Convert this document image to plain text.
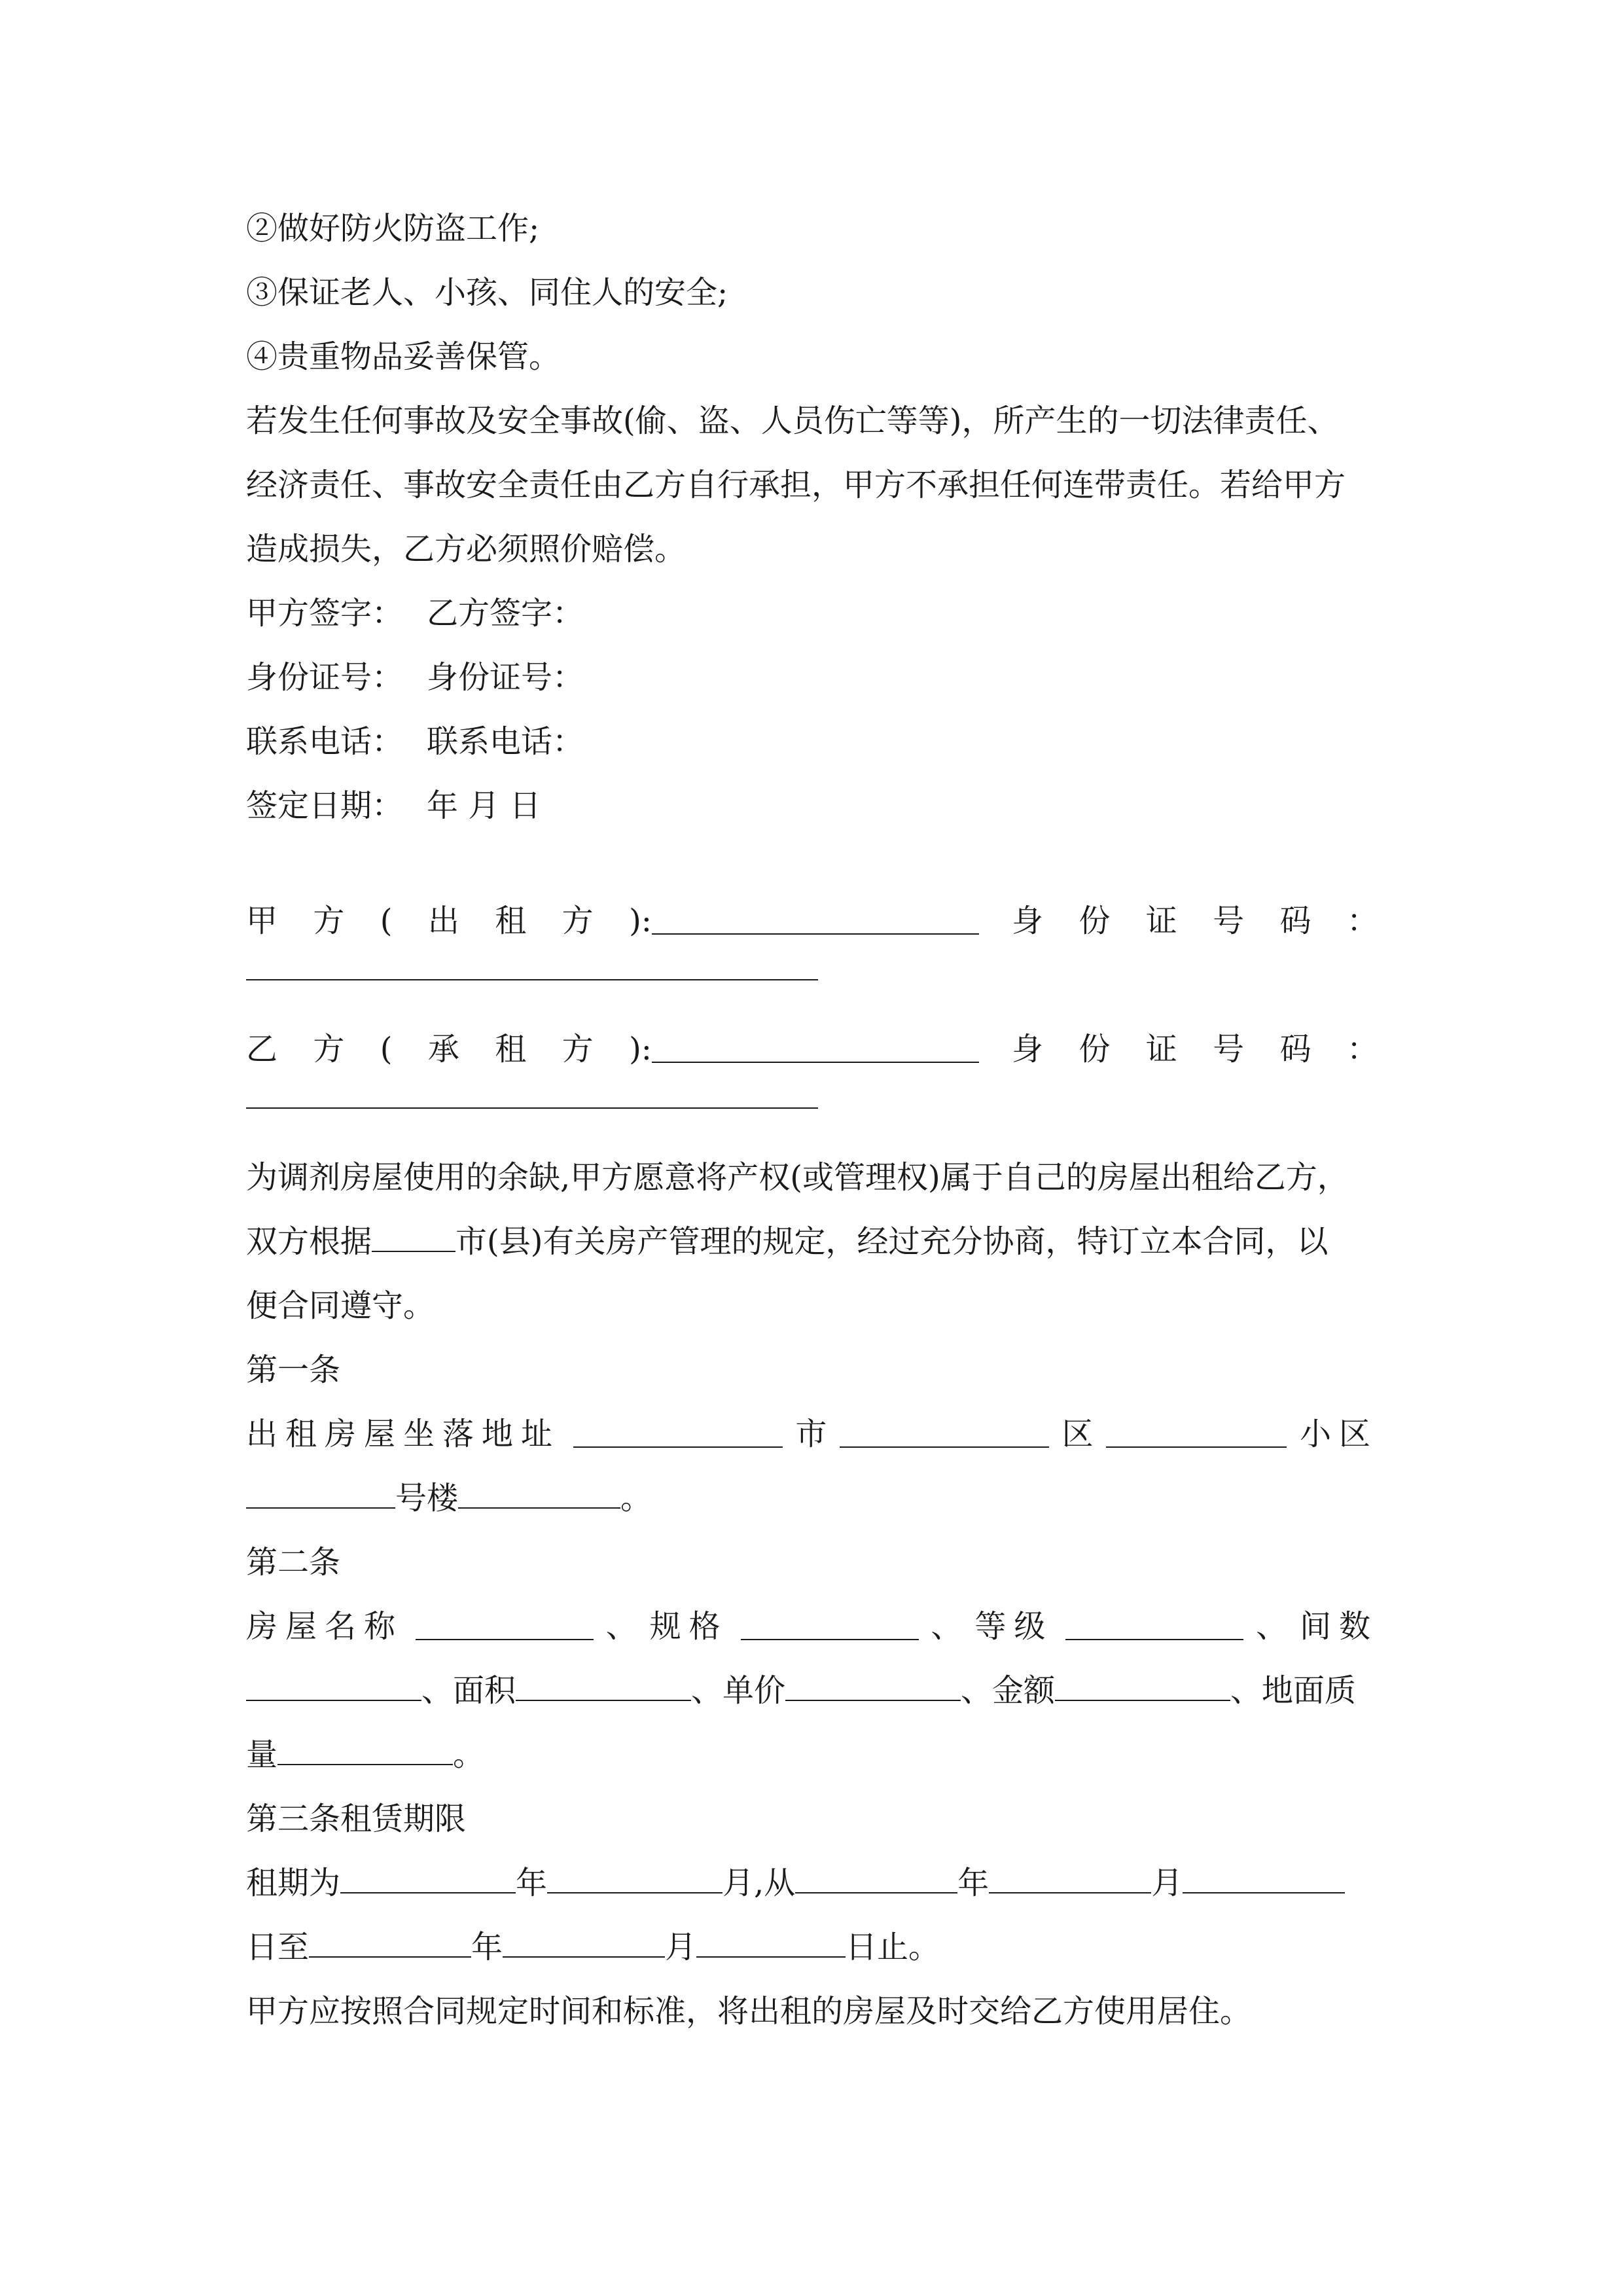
②做好防火防盗工作;
③保证老人、小孩、同住人的安全;
④贵重物品妥善保管。
若发生任何事故及安全事故(偷、盗、人员伤亡等等)，所产生的一切法律责任、
经济责任、事故安全责任由乙方自行承担，甲方不承担任何连带责任。若给甲方
造成损失，乙方必须照价赔偿。
甲方签字： 乙方签字：
身份证号： 身份证号：
联系电话： 联系电话：
签定日期： 年 月 日
甲 方 ( 出 租 方 ):	身 份 证 号 码 ：
乙 方 ( 承 租 方 ):	身 份 证 号 码 ：
为调剂房屋使用的余缺,甲方愿意将产权(或管理权)属于自己的房屋出租给乙方，
双方根据	市(县)有关房产管理的规定，经过充分协商，特订立本合同，以
便合同遵守。
第一条
出租房屋坐落地址	市	区	小区
号楼	。
第二条
房屋名称	、 规格	、 等级	、 间数
、面积	、单价	、金额	、地面质
量	。
第三条租赁期限
租期为	年	月,从	年	月
日至	年	月	日止。
甲方应按照合同规定时间和标准，将出租的房屋及时交给乙方使用居住。
